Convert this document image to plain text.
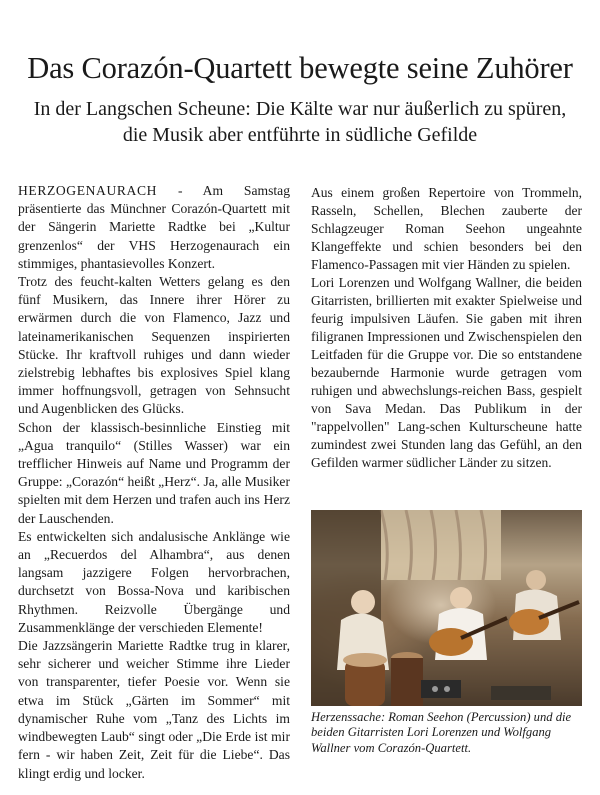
Das Corazón-Quartett bewegte seine Zuhörer
In der Langschen Scheune: Die Kälte war nur äußerlich zu spüren,
die Musik aber entführte in südliche Gefilde

HERZOGENAURACH - Am Samstag präsentierte das Münchner Corazón-Quartett mit der Sängerin Mariette Radtke bei „Kultur grenzenlos“ der VHS Herzogenaurach ein stimmiges, phantasievolles Konzert.

Trotz des feucht-kalten Wetters gelang es den fünf Musikern, das Innere ihrer Hörer zu erwärmen durch die von Flamenco, Jazz und lateinamerikanischen Sequenzen inspirierten Stücke. Ihr kraftvoll ruhiges und dann wieder zielstrebig lebhaftes bis explosives Spiel klang immer hoffnungsvoll, getragen von Sehnsucht und Augenblicken des Glücks.

Schon der klassisch-besinnliche Einstieg mit „Agua tranquilo“ (Stilles Wasser) war ein trefflicher Hinweis auf Name und Programm der Gruppe: „Corazón“ heißt „Herz“. Ja, alle Musiker spielten mit dem Herzen und trafen auch ins Herz der Lauschenden.

Es entwickelten sich andalusische Anklänge wie an „Recuerdos del Alhambra“, aus denen langsam jazzigere Folgen hervorbrachen, durchsetzt von Bossa-Nova und karibischen Rhythmen. Reizvolle Übergänge und Zusammenklänge der verschieden Elemente!

Die Jazzsängerin Mariette Radtke trug in klarer, sehr sicherer und weicher Stimme ihre Lieder von transparenter, tiefer Poesie vor. Wenn sie etwa im Stück „Gärten im Sommer“ mit dynamischer Ruhe vom „Tanz des Lichts im windbewegten Laub“ singt oder „Die Erde ist mir fern - wir haben Zeit, Zeit für die Liebe“. Das klingt erdig und locker.

Aus einem großen Repertoire von Trommeln, Rasseln, Schellen, Blechen zauberte der Schlagzeuger Roman Seehon ungeahnte Klangeffekte und schien besonders bei den Flamenco-Passagen mit vier Händen zu spielen.

Lori Lorenzen und Wolfgang Wallner, die beiden Gitarristen, brillierten mit exakter Spielweise und feurig impulsiven Läufen. Sie gaben mit ihren filigranen Impressionen und Zwischenspielen den Leitfaden für die Gruppe vor. Die so entstandene bezaubernde Harmonie wurde getragen vom ruhigen und abwechslungs-reichen Bass, gespielt von Sava Medan. Das Publikum in der "rappelvollen" Lang-schen Kulturscheune hatte zumindest zwei Stunden lang das Gefühl, an den Gefilden warmer südlicher Länder zu sitzen.

Herzenssache: Roman Seehon (Percussion) und die beiden Gitarristen Lori Lorenzen und Wolfgang Wallner vom Corazón-Quartett.
